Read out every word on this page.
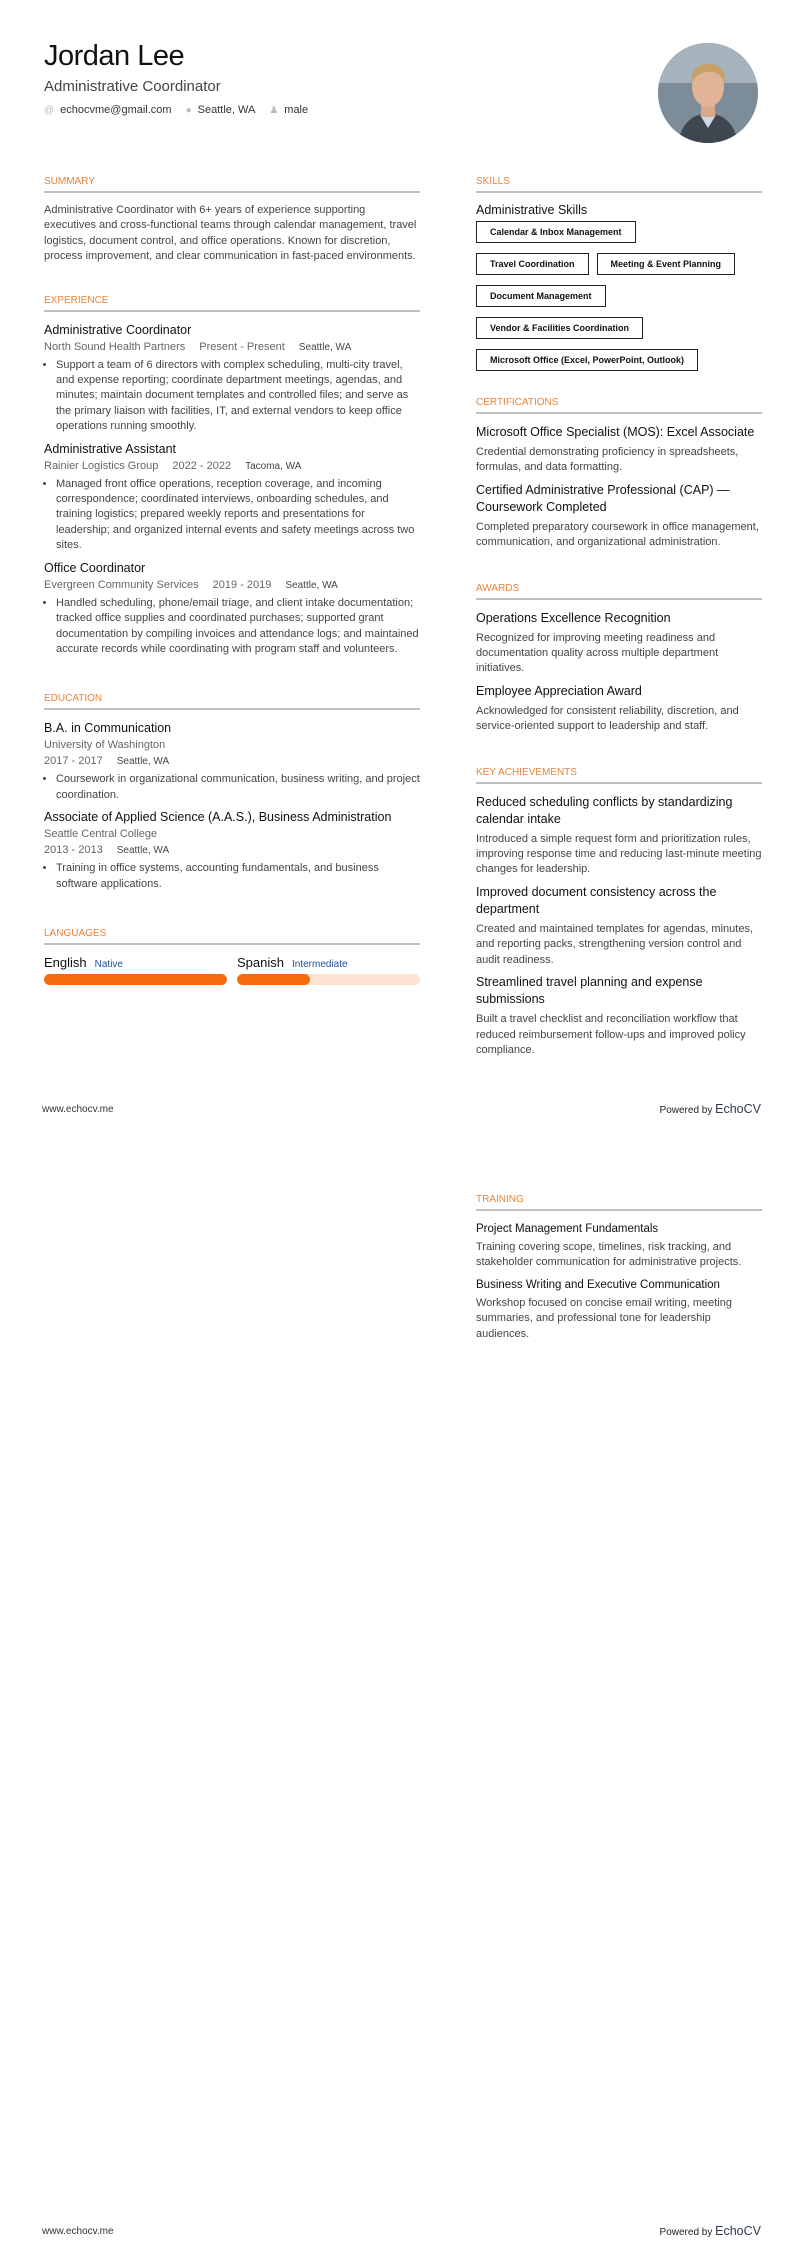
Jordan Lee
Administrative Coordinator
@ echocvme@gmail.com ● Seattle, WA ♟ male
SUMMARY
Administrative Coordinator with 6+ years of experience supporting executives and cross-functional teams through calendar management, travel logistics, document control, and office operations. Known for discretion, process improvement, and clear communication in fast-paced environments.
EXPERIENCE
Administrative Coordinator
North Sound Health Partners Present - Present Seattle, WA
• Support a team of 6 directors with complex scheduling, multi-city travel, and expense reporting; coordinate department meetings, agendas, and minutes; maintain document templates and controlled files; and serve as the primary liaison with facilities, IT, and external vendors to keep office operations running smoothly.
Administrative Assistant
Rainier Logistics Group 2022 - 2022 Tacoma, WA
• Managed front office operations, reception coverage, and incoming correspondence; coordinated interviews, onboarding schedules, and training logistics; prepared weekly reports and presentations for leadership; and organized internal events and safety meetings across two sites.
Office Coordinator
Evergreen Community Services 2019 - 2019 Seattle, WA
• Handled scheduling, phone/email triage, and client intake documentation; tracked office supplies and coordinated purchases; supported grant documentation by compiling invoices and attendance logs; and maintained accurate records while coordinating with program staff and volunteers.
EDUCATION
B.A. in Communication
University of Washington
2017 - 2017 Seattle, WA
• Coursework in organizational communication, business writing, and project coordination.
Associate of Applied Science (A.A.S.), Business Administration
Seattle Central College
2013 - 2013 Seattle, WA
• Training in office systems, accounting fundamentals, and business software applications.
LANGUAGES
English Native	Spanish Intermediate
SKILLS
Administrative Skills
Calendar & Inbox Management
Travel Coordination	Meeting & Event Planning
Document Management
Vendor & Facilities Coordination
Microsoft Office (Excel, PowerPoint, Outlook)
CERTIFICATIONS
Microsoft Office Specialist (MOS): Excel Associate
Credential demonstrating proficiency in spreadsheets, formulas, and data formatting.
Certified Administrative Professional (CAP) — Coursework Completed
Completed preparatory coursework in office management, communication, and organizational administration.
AWARDS
Operations Excellence Recognition
Recognized for improving meeting readiness and documentation quality across multiple department initiatives.
Employee Appreciation Award
Acknowledged for consistent reliability, discretion, and service-oriented support to leadership and staff.
KEY ACHIEVEMENTS
Reduced scheduling conflicts by standardizing calendar intake
Introduced a simple request form and prioritization rules, improving response time and reducing last-minute meeting changes for leadership.
Improved document consistency across the department
Created and maintained templates for agendas, minutes, and reporting packs, strengthening version control and audit readiness.
Streamlined travel planning and expense submissions
Built a travel checklist and reconciliation workflow that reduced reimbursement follow-ups and improved policy compliance.
www.echocv.me	Powered by EchoCV
TRAINING
Project Management Fundamentals
Training covering scope, timelines, risk tracking, and stakeholder communication for administrative projects.
Business Writing and Executive Communication
Workshop focused on concise email writing, meeting summaries, and professional tone for leadership audiences.
www.echocv.me	Powered by EchoCV
